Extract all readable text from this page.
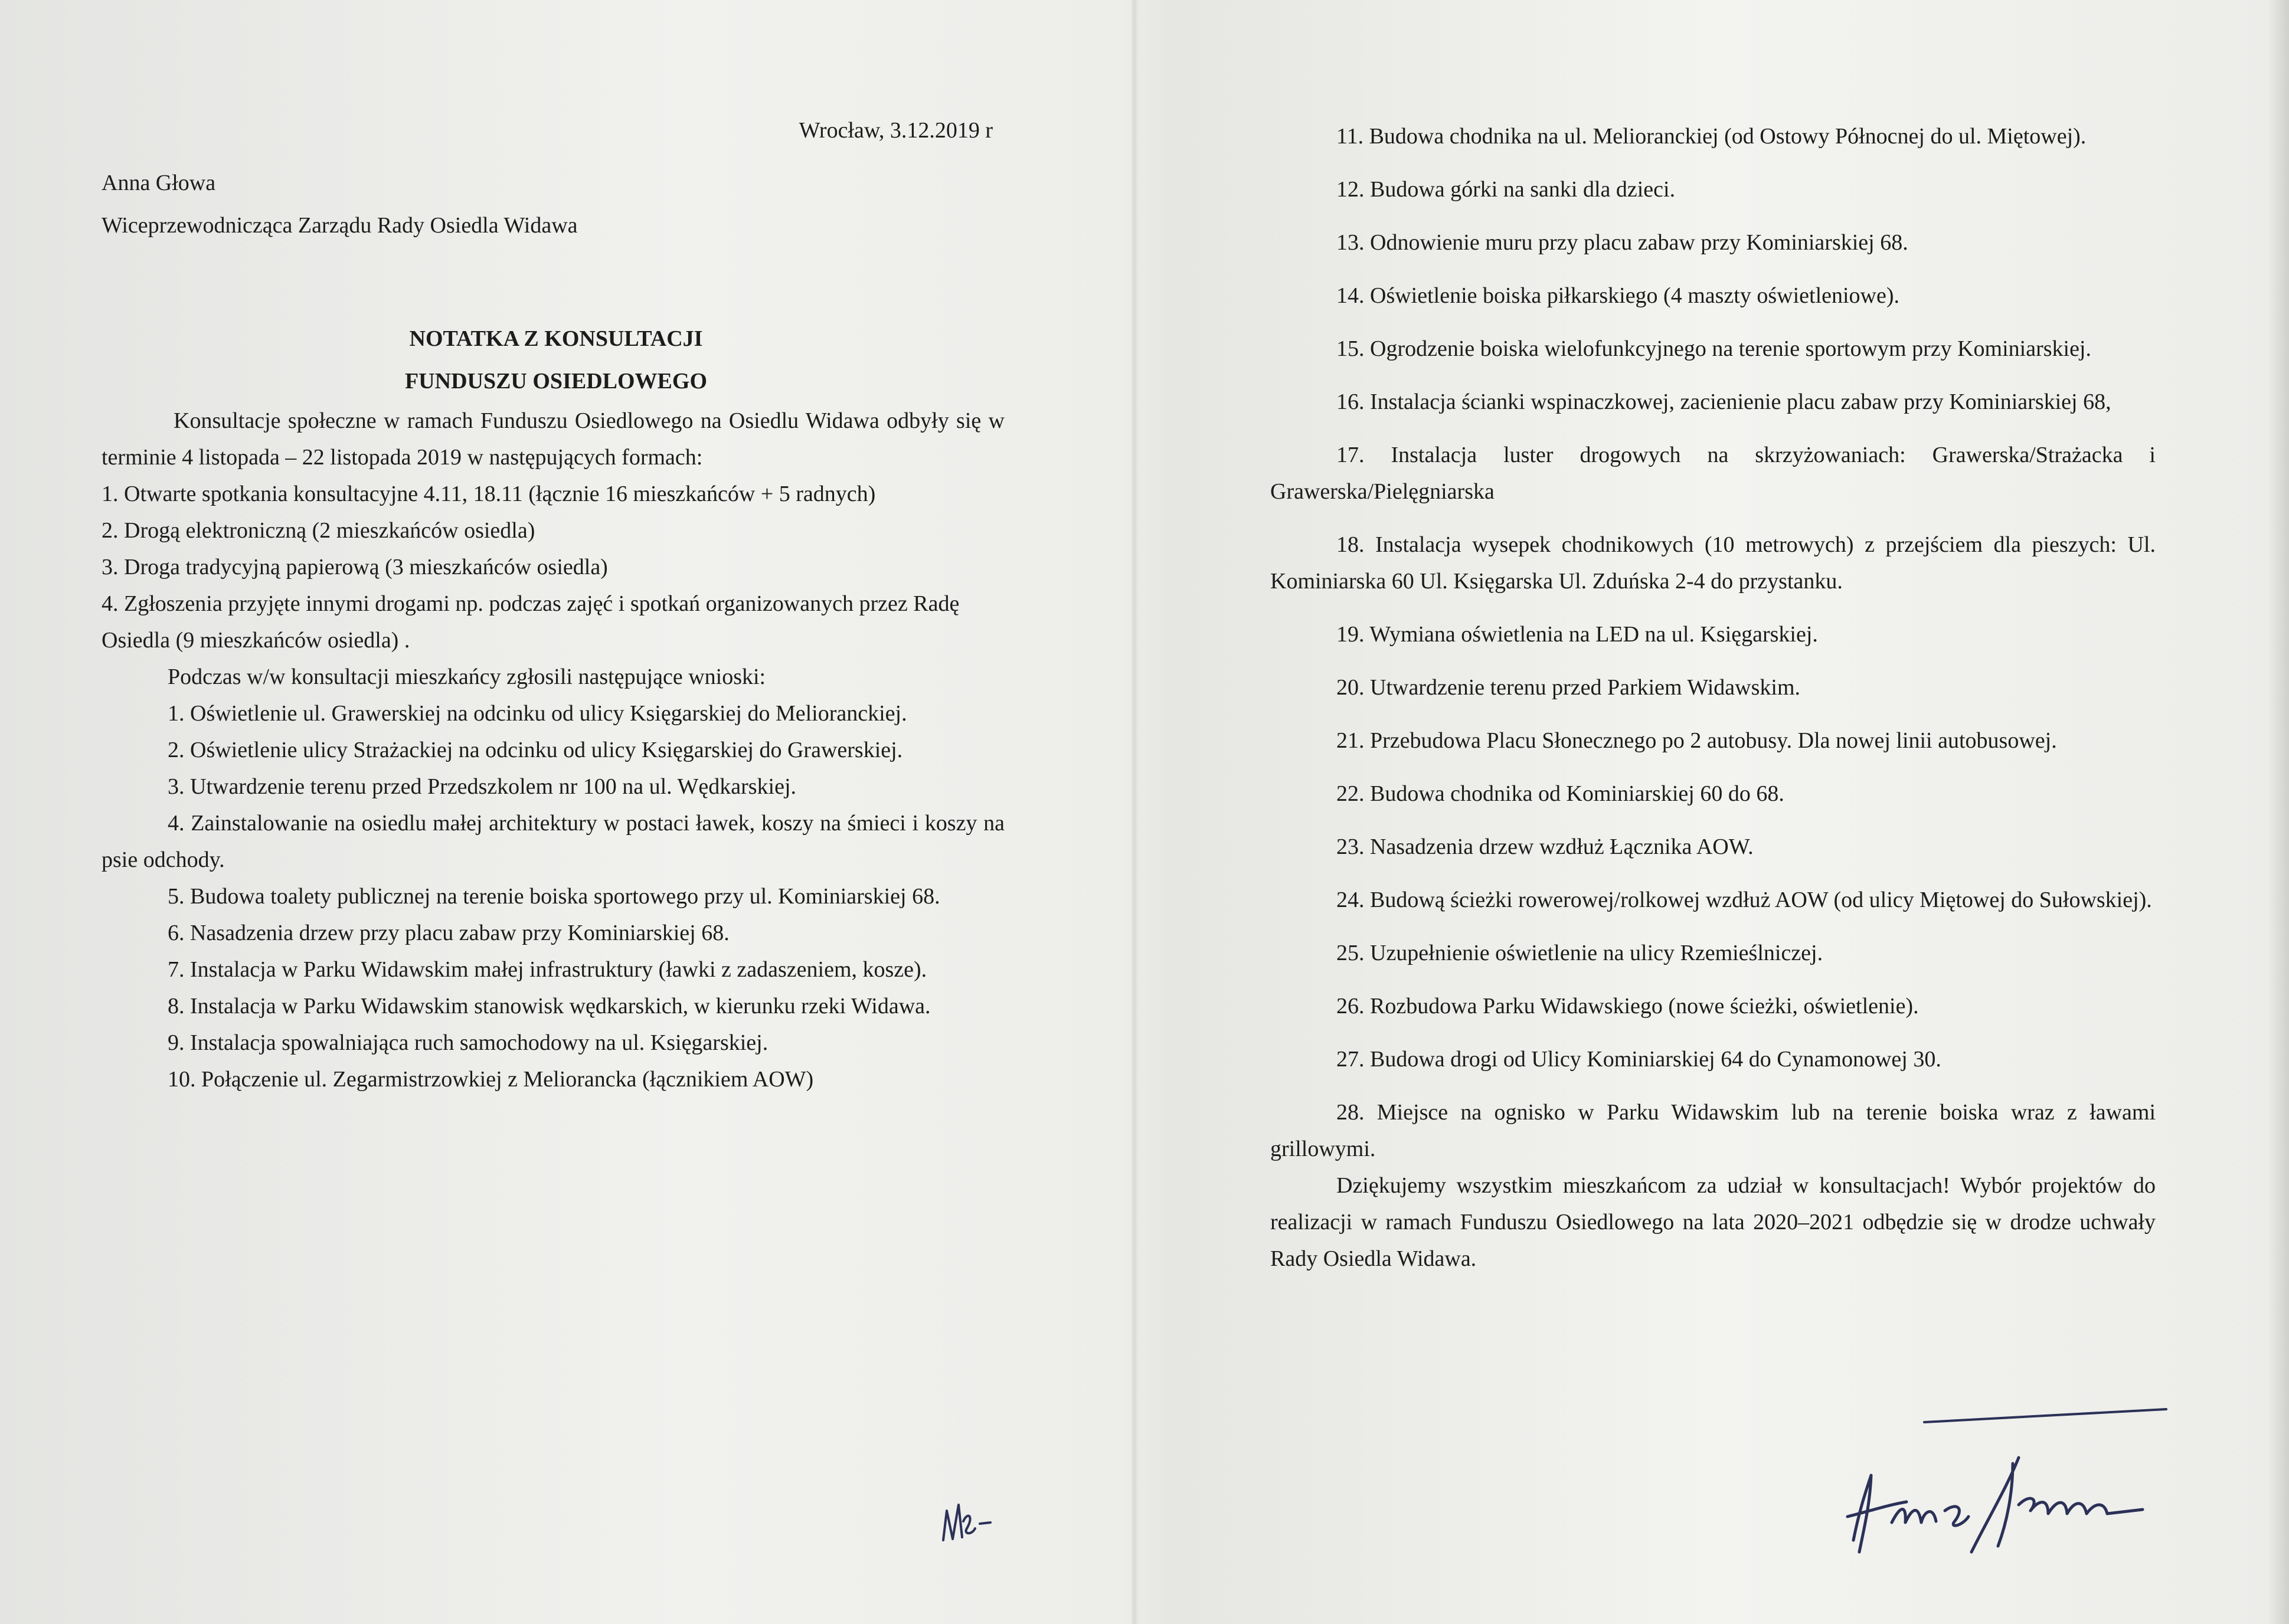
Wrocław, 3.12.2019 r

Anna Głowa

Wiceprzewodnicząca Zarządu Rady Osiedla Widawa

NOTATKA Z KONSULTACJI

FUNDUSZU OSIEDLOWEGO

Konsultacje społeczne w ramach Funduszu Osiedlowego na Osiedlu Widawa odbyły się w terminie 4 listopada – 22 listopada 2019 w następujących formach:

1. Otwarte spotkania konsultacyjne 4.11, 18.11 (łącznie 16 mieszkańców + 5 radnych)
2. Drogą elektroniczną (2 mieszkańców osiedla)
3. Droga tradycyjną papierową (3 mieszkańców osiedla)
4. Zgłoszenia przyjęte innymi drogami np. podczas zajęć i spotkań organizowanych przez Radę Osiedla (9 mieszkańców osiedla) .

Podczas w/w konsultacji mieszkańcy zgłosili następujące wnioski:

1. Oświetlenie ul. Grawerskiej na odcinku od ulicy Księgarskiej do Melioranckiej.

2. Oświetlenie ulicy Strażackiej na odcinku od ulicy Księgarskiej do Grawerskiej.

3. Utwardzenie terenu przed Przedszkolem nr 100 na ul. Wędkarskiej.

4. Zainstalowanie na osiedlu małej architektury w postaci ławek, koszy na śmieci i koszy na psie odchody.

5. Budowa toalety publicznej na terenie boiska sportowego przy ul. Kominiarskiej 68.

6. Nasadzenia drzew przy placu zabaw przy Kominiarskiej 68.

7. Instalacja w Parku Widawskim małej infrastruktury (ławki z zadaszeniem, kosze).

8. Instalacja w Parku Widawskim stanowisk wędkarskich, w kierunku rzeki Widawa.

9. Instalacja spowalniająca ruch samochodowy na ul. Księgarskiej.

10. Połączenie ul. Zegarmistrzowkiej z Meliorancka (łącznikiem AOW)

11. Budowa chodnika na ul. Melioranckiej (od Ostowy Północnej do ul. Miętowej).

12. Budowa górki na sanki dla dzieci.

13. Odnowienie muru przy placu zabaw przy Kominiarskiej 68.

14. Oświetlenie boiska piłkarskiego (4 maszty oświetleniowe).

15. Ogrodzenie boiska wielofunkcyjnego na terenie sportowym przy Kominiarskiej.

16. Instalacja ścianki wspinaczkowej, zacienienie placu zabaw przy Kominiarskiej 68,

17. Instalacja luster drogowych na skrzyżowaniach: Grawerska/Strażacka i Grawerska/Pielęgniarska

18. Instalacja wysepek chodnikowych (10 metrowych) z przejściem dla pieszych: Ul. Kominiarska 60 Ul. Księgarska Ul. Zduńska 2-4 do przystanku.

19. Wymiana oświetlenia na LED na ul. Księgarskiej.

20. Utwardzenie terenu przed Parkiem Widawskim.

21. Przebudowa Placu Słonecznego po 2 autobusy. Dla nowej linii autobusowej.

22. Budowa chodnika od Kominiarskiej 60 do 68.

23. Nasadzenia drzew wzdłuż Łącznika AOW.

24. Budową ścieżki rowerowej/rolkowej wzdłuż AOW (od ulicy Miętowej do Sułowskiej).

25. Uzupełnienie oświetlenie na ulicy Rzemieślniczej.

26. Rozbudowa Parku Widawskiego (nowe ścieżki, oświetlenie).

27. Budowa drogi od Ulicy Kominiarskiej 64 do Cynamonowej 30.

28. Miejsce na ognisko w Parku Widawskim lub na terenie boiska wraz z ławami grillowymi.

Dziękujemy wszystkim mieszkańcom za udział w konsultacjach! Wybór projektów do realizacji w ramach Funduszu Osiedlowego na lata 2020–2021 odbędzie się w drodze uchwały Rady Osiedla Widawa.
